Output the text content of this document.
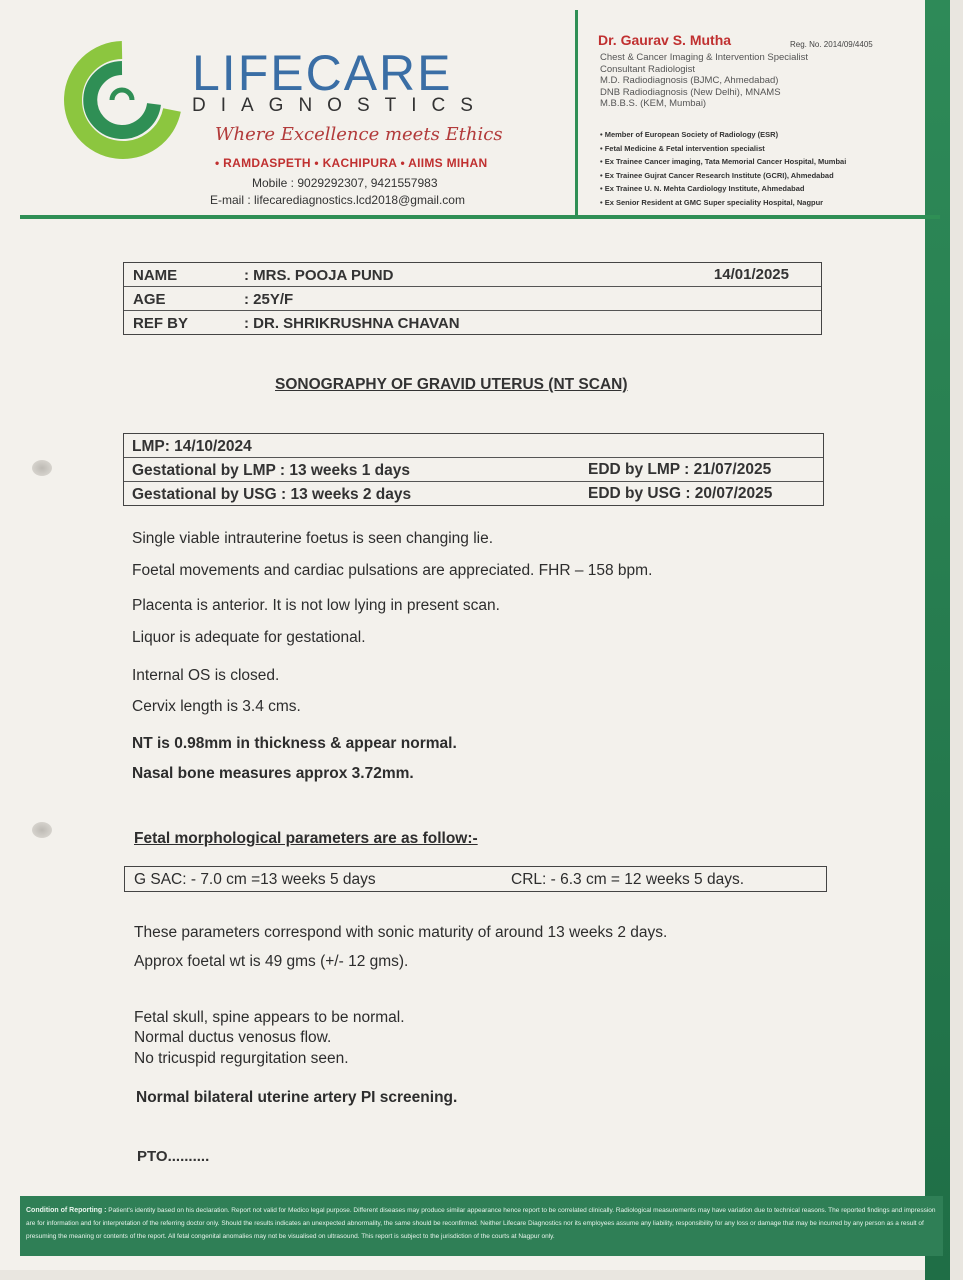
LIFECARE
DIAGNOSTICS
Where Excellence meets Ethics
• RAMDASPETH • KACHIPURA • AIIMS MIHAN
Mobile : 9029292307, 9421557983
E-mail : lifecarediagnostics.lcd2018@gmail.com
Dr. Gaurav S. Mutha	Reg. No. 2014/09/4405
Chest & Cancer Imaging & Intervention Specialist
Consultant Radiologist
M.D. Radiodiagnosis (BJMC, Ahmedabad)
DNB Radiodiagnosis (New Delhi), MNAMS
M.B.B.S. (KEM, Mumbai)
• Member of European Society of Radiology (ESR)
• Fetal Medicine & Fetal intervention specialist
• Ex Trainee Cancer imaging, Tata Memorial Cancer Hospital, Mumbai
• Ex Trainee Gujrat Cancer Research Institute (GCRI), Ahmedabad
• Ex Trainee U. N. Mehta Cardiology Institute, Ahmedabad
• Ex Senior Resident at GMC Super speciality Hospital, Nagpur
NAME	: MRS. POOJA PUND	14/01/2025
AGE	: 25Y/F
REF BY	: DR. SHRIKRUSHNA CHAVAN
SONOGRAPHY OF GRAVID UTERUS (NT SCAN)
LMP: 14/10/2024
Gestational by LMP : 13 weeks 1 days	EDD by LMP : 21/07/2025
Gestational by USG : 13 weeks 2 days	EDD by USG : 20/07/2025
Single viable intrauterine foetus is seen changing lie.
Foetal movements and cardiac pulsations are appreciated. FHR – 158 bpm.
Placenta is anterior. It is not low lying in present scan.
Liquor is adequate for gestational.
Internal OS is closed.
Cervix length is 3.4 cms.
NT is 0.98mm in thickness & appear normal.
Nasal bone measures approx 3.72mm.
Fetal morphological parameters are as follow:-
G SAC: - 7.0 cm =13 weeks 5 days	CRL: - 6.3 cm = 12 weeks 5 days.
These parameters correspond with sonic maturity of around 13 weeks 2 days.
Approx foetal wt is 49 gms (+/- 12 gms).
Fetal skull, spine appears to be normal.
Normal ductus venosus flow.
No tricuspid regurgitation seen.
Normal bilateral uterine artery PI screening.
PTO..........
Condition of Reporting : Patient's identity based on his declaration. Report not valid for Medico legal purpose. Different diseases may produce similar appearance hence report to be correlated clinically. Radiological measurements may have variation due to technical reasons. The reported findings and impression are for information and for interpretation of the referring doctor only. Should the results indicates an unexpected abnormality, the same should be reconfirmed. Neither Lifecare Diagnostics nor its employees assume any liability, responsibility for any loss or damage that may be incurred by any person as a result of presuming the meaning or contents of the report. All fetal congenital anomalies may not be visualised on ultrasound. This report is subject to the jurisdiction of the courts at Nagpur only.
